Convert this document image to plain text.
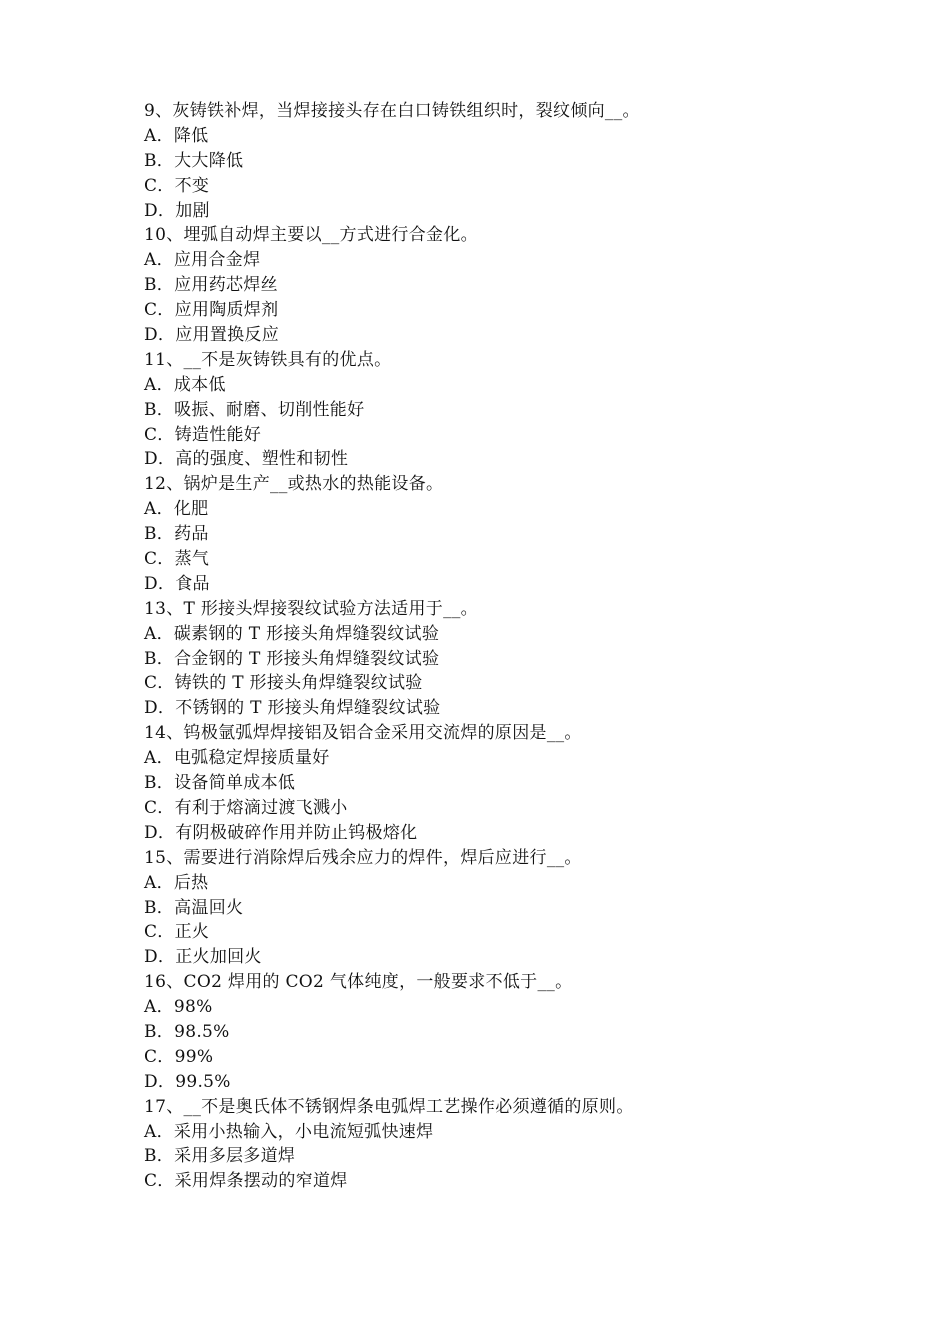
9、灰铸铁补焊，当焊接接头存在白口铸铁组织时，裂纹倾向__。
A．降低
B．大大降低
C．不变
D．加剧
10、埋弧自动焊主要以__方式进行合金化。
A．应用合金焊
B．应用药芯焊丝
C．应用陶质焊剂
D．应用置换反应
11、__不是灰铸铁具有的优点。
A．成本低
B．吸振、耐磨、切削性能好
C．铸造性能好
D．高的强度、塑性和韧性
12、锅炉是生产__或热水的热能设备。
A．化肥
B．药品
C．蒸气
D．食品
13、T 形接头焊接裂纹试验方法适用于__。
A．碳素钢的 T 形接头角焊缝裂纹试验
B．合金钢的 T 形接头角焊缝裂纹试验
C．铸铁的 T 形接头角焊缝裂纹试验
D．不锈钢的 T 形接头角焊缝裂纹试验
14、钨极氩弧焊焊接铝及铝合金采用交流焊的原因是__。
A．电弧稳定焊接质量好
B．设备简单成本低
C．有利于熔滴过渡飞溅小
D．有阴极破碎作用并防止钨极熔化
15、需要进行消除焊后残余应力的焊件，焊后应进行__。
A．后热
B．高温回火
C．正火
D．正火加回火
16、CO2 焊用的 CO2 气体纯度，一般要求不低于__。
A．98%
B．98.5%
C．99%
D．99.5%
17、__不是奥氏体不锈钢焊条电弧焊工艺操作必须遵循的原则。
A．采用小热输入，小电流短弧快速焊
B．采用多层多道焊
C．采用焊条摆动的窄道焊
